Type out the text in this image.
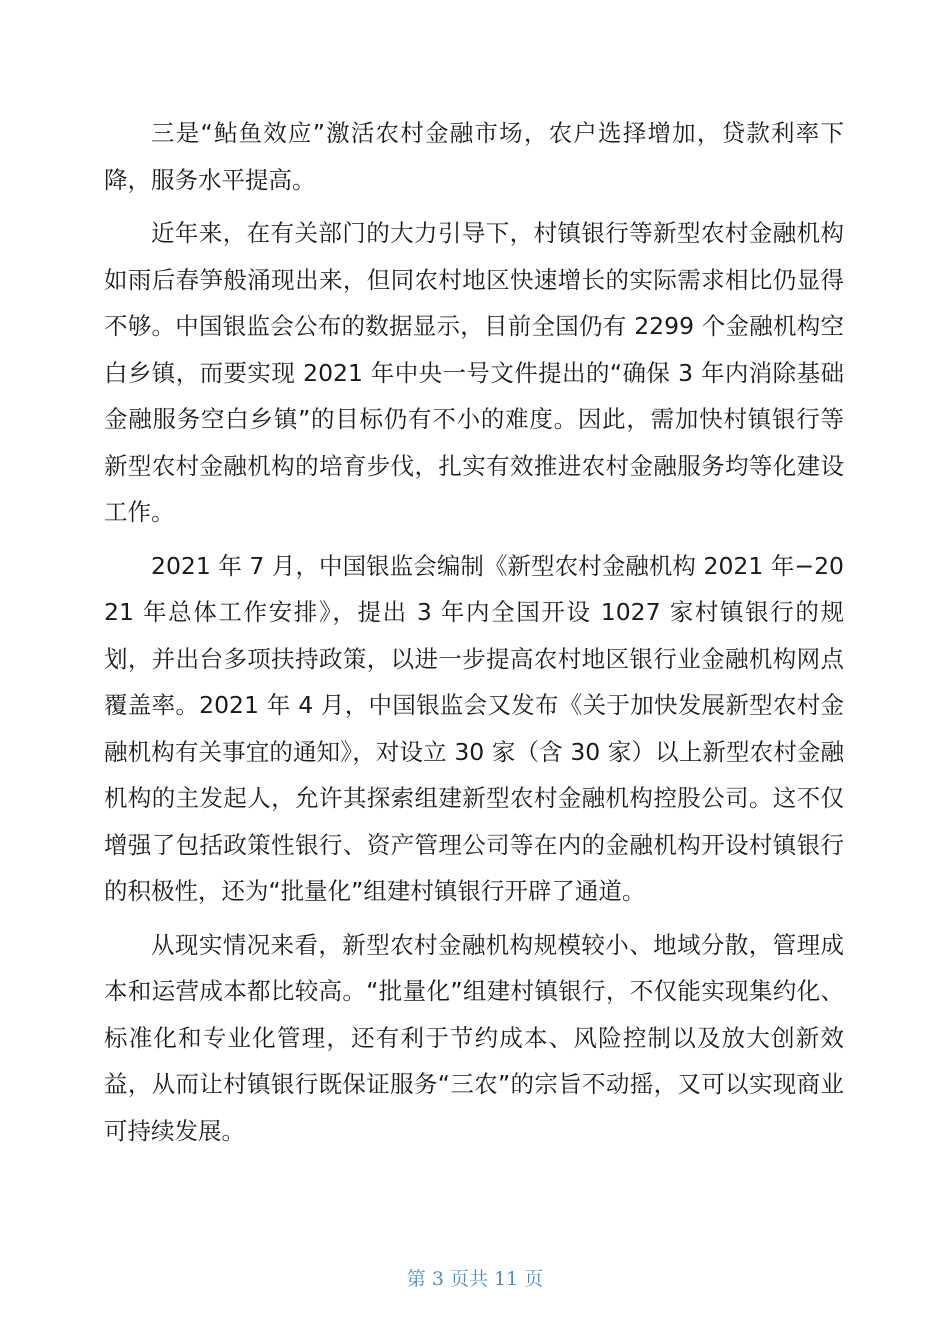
三是“鲇鱼效应”激活农村金融市场，农户选择增加，贷款利率下降，服务水平提高。

近年来，在有关部门的大力引导下，村镇银行等新型农村金融机构如雨后春笋般涌现出来，但同农村地区快速增长的实际需求相比仍显得不够。中国银监会公布的数据显示，目前全国仍有 2299 个金融机构空白乡镇，而要实现 2021 年中央一号文件提出的“确保 3 年内消除基础金融服务空白乡镇”的目标仍有不小的难度。因此，需加快村镇银行等新型农村金融机构的培育步伐，扎实有效推进农村金融服务均等化建设工作。

2021 年 7 月，中国银监会编制《新型农村金融机构 2021 年−2021 年总体工作安排》，提出 3 年内全国开设 1027 家村镇银行的规划，并出台多项扶持政策，以进一步提高农村地区银行业金融机构网点覆盖率。2021 年 4 月，中国银监会又发布《关于加快发展新型农村金融机构有关事宜的通知》，对设立 30 家（含 30 家）以上新型农村金融机构的主发起人，允许其探索组建新型农村金融机构控股公司。这不仅增强了包括政策性银行、资产管理公司等在内的金融机构开设村镇银行的积极性，还为“批量化”组建村镇银行开辟了通道。

从现实情况来看，新型农村金融机构规模较小、地域分散，管理成本和运营成本都比较高。“批量化”组建村镇银行，不仅能实现集约化、标准化和专业化管理，还有利于节约成本、风险控制以及放大创新效益，从而让村镇银行既保证服务“三农”的宗旨不动摇，又可以实现商业可持续发展。

第 3 页共 11 页
